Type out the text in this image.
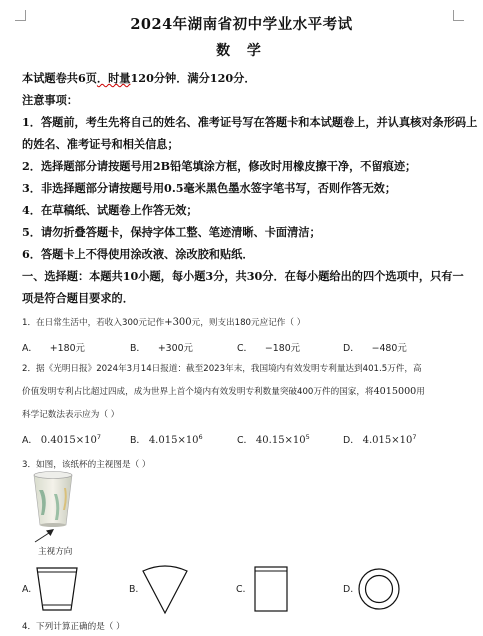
2024年湖南省初中学业水平考试
数 学
本试题卷共6页．时量120分钟．满分120分．
注意事项：
1．答题前，考生先将自己的姓名、准考证号写在答题卡和本试题卷上，并认真核对条形码上
的姓名、准考证号和相关信息；
2．选择题部分请按题号用2B铅笔填涂方框，修改时用橡皮擦干净，不留痕迹；
3．非选择题部分请按题号用0.5毫米黑色墨水签字笔书写，否则作答无效；
4．在草稿纸、试题卷上作答无效；
5．请勿折叠答题卡，保持字体工整、笔迹清晰、卡面清洁；
6．答题卡上不得使用涂改液、涂改胶和贴纸．
一、选择题：本题共10小题，每小题3分，共30分．在每小题给出的四个选项中，只有一
项是符合题目要求的．
1．在日常生活中，若收入300元记作+300元，则支出180元应记作（ ）
A． +180元	B． +300元	C． −180元	D． −480元
2．据《光明日报》2024年3月14日报道：截至2023年末，我国境内有效发明专利量达到401.5万件，高
价值发明专利占比超过四成，成为世界上首个境内有效发明专利数量突破400万件的国家，将4015000用
科学记数法表示应为（ ）
A． $0.4015\times 10^7$	B． $4.015\times 10^6$	C． $40.15\times 10^5$	D． $4.015\times 10^7$
3．如图，该纸杯的主视图是（ ）
主视方向
A.	B.	C.	D.
4．下列计算正确的是（ ）
